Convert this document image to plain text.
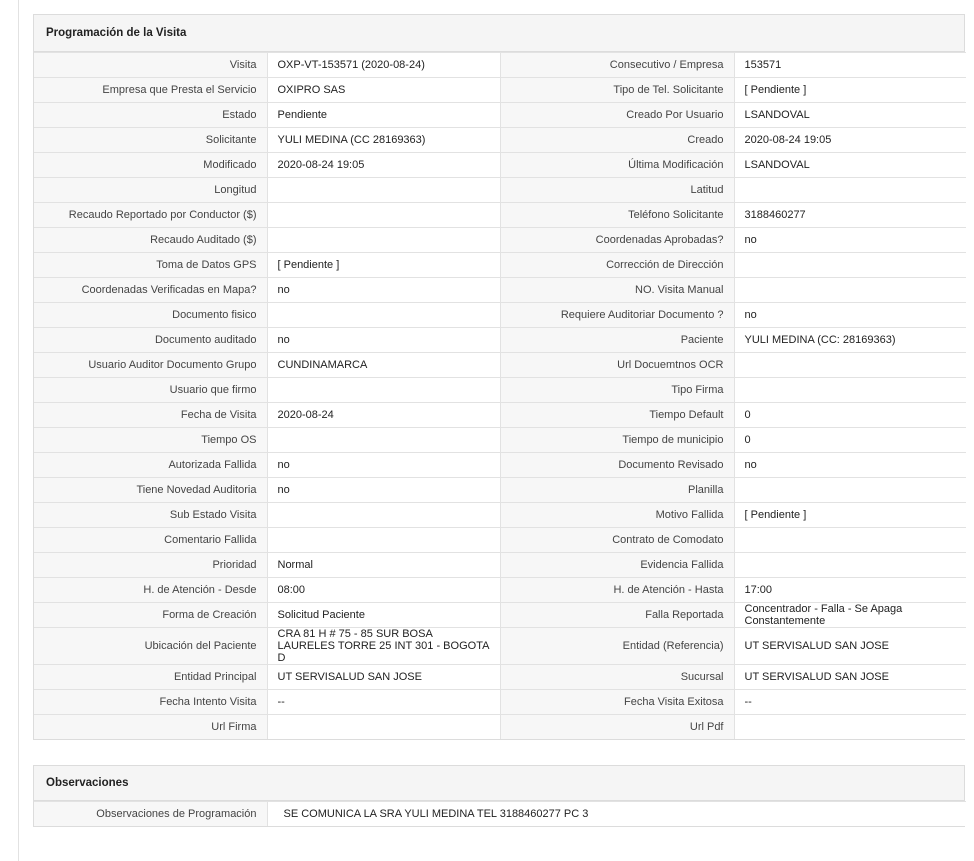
Programación de la Visita
Visita	OXP-VT-153571 (2020-08-24)	Consecutivo / Empresa	153571
Empresa que Presta el Servicio	OXIPRO SAS	Tipo de Tel. Solicitante	[ Pendiente ]
Estado	Pendiente	Creado Por Usuario	LSANDOVAL
Solicitante	YULI MEDINA (CC 28169363)	Creado	2020-08-24 19:05
Modificado	2020-08-24 19:05	Última Modificación	LSANDOVAL
Longitud		Latitud	
Recaudo Reportado por Conductor ($)		Teléfono Solicitante	3188460277
Recaudo Auditado ($)		Coordenadas Aprobadas?	no
Toma de Datos GPS	[ Pendiente ]	Corrección de Dirección	
Coordenadas Verificadas en Mapa?	no	NO. Visita Manual	
Documento fisico		Requiere Auditoriar Documento ?	no
Documento auditado	no	Paciente	YULI MEDINA (CC: 28169363)
Usuario Auditor Documento Grupo	CUNDINAMARCA	Url Docuemtnos OCR	
Usuario que firmo		Tipo Firma	
Fecha de Visita	2020-08-24	Tiempo Default	0
Tiempo OS		Tiempo de municipio	0
Autorizada Fallida	no	Documento Revisado	no
Tiene Novedad Auditoria	no	Planilla	
Sub Estado Visita		Motivo Fallida	[ Pendiente ]
Comentario Fallida		Contrato de Comodato	
Prioridad	Normal	Evidencia Fallida	
H. de Atención - Desde	08:00	H. de Atención - Hasta	17:00
Forma de Creación	Solicitud Paciente	Falla Reportada	Concentrador - Falla - Se Apaga Constantemente
Ubicación del Paciente	CRA 81 H # 75 - 85 SUR BOSA LAURELES TORRE 25 INT 301 - BOGOTA D	Entidad (Referencia)	UT SERVISALUD SAN JOSE
Entidad Principal	UT SERVISALUD SAN JOSE	Sucursal	UT SERVISALUD SAN JOSE
Fecha Intento Visita	--	Fecha Visita Exitosa	--
Url Firma		Url Pdf	
Observaciones
Observaciones de Programación	SE COMUNICA LA SRA YULI MEDINA TEL 3188460277 PC 3
